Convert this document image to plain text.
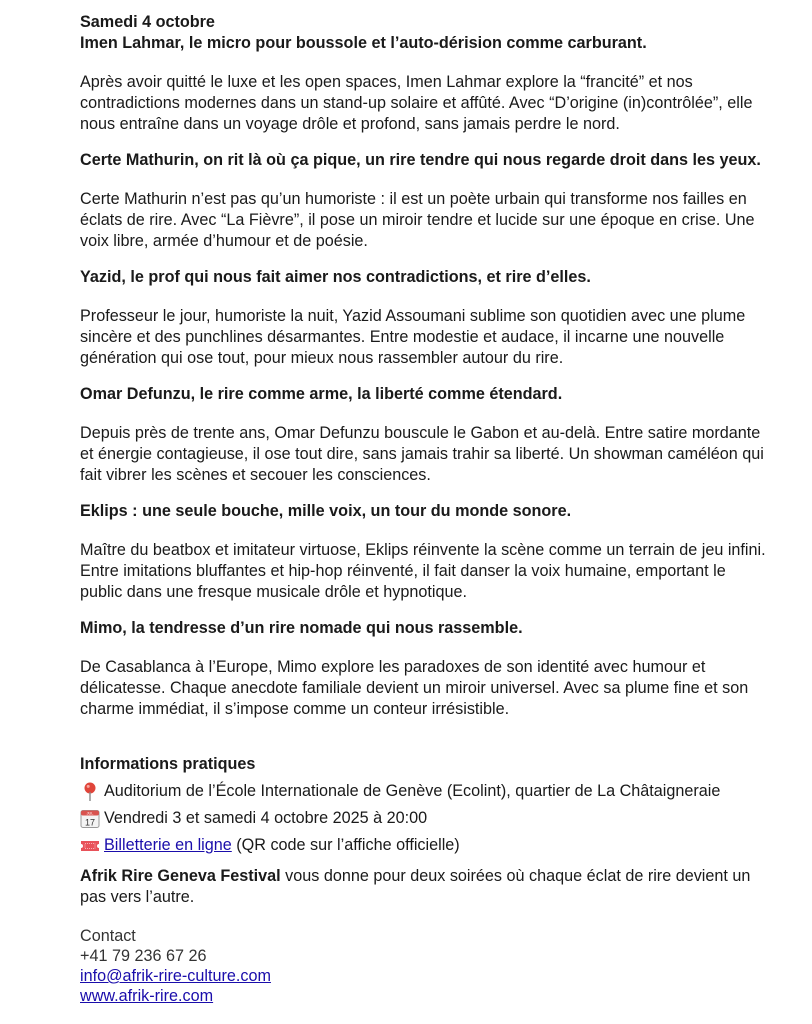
Samedi 4 octobre

Imen Lahmar, le micro pour boussole et l’auto-dérision comme carburant.

Après avoir quitté le luxe et les open spaces, Imen Lahmar explore la “francité” et nos contradictions modernes dans un stand-up solaire et affûté. Avec “D’origine (in)contrôlée”, elle nous entraîne dans un voyage drôle et profond, sans jamais perdre le nord.

Certe Mathurin, on rit là où ça pique, un rire tendre qui nous regarde droit dans les yeux.

Certe Mathurin n’est pas qu’un humoriste : il est un poète urbain qui transforme nos failles en éclats de rire. Avec “La Fièvre”, il pose un miroir tendre et lucide sur une époque en crise. Une voix libre, armée d’humour et de poésie.

Yazid, le prof qui nous fait aimer nos contradictions, et rire d’elles.

Professeur le jour, humoriste la nuit, Yazid Assoumani sublime son quotidien avec une plume sincère et des punchlines désarmantes. Entre modestie et audace, il incarne une nouvelle génération qui ose tout, pour mieux nous rassembler autour du rire.

Omar Defunzu, le rire comme arme, la liberté comme étendard.

Depuis près de trente ans, Omar Defunzu bouscule le Gabon et au-delà. Entre satire mordante et énergie contagieuse, il ose tout dire, sans jamais trahir sa liberté. Un showman caméléon qui fait vibrer les scènes et secouer les consciences.

Eklips : une seule bouche, mille voix, un tour du monde sonore.

Maître du beatbox et imitateur virtuose, Eklips réinvente la scène comme un terrain de jeu infini. Entre imitations bluffantes et hip-hop réinventé, il fait danser la voix humaine, emportant le public dans une fresque musicale drôle et hypnotique.

Mimo, la tendresse d’un rire nomade qui nous rassemble.

De Casablanca à l’Europe, Mimo explore les paradoxes de son identité avec humour et délicatesse. Chaque anecdote familiale devient un miroir universel. Avec sa plume fine et son charme immédiat, il s’impose comme un conteur irrésistible.

Informations pratiques
Auditorium de l’École Internationale de Genève (Ecolint), quartier de La Châtaigneraie
JUL
17 Vendredi 3 et samedi 4 octobre 2025 à 20:00
Billetterie en ligne (QR code sur l’affiche officielle)

Afrik Rire Geneva Festival vous donne pour deux soirées où chaque éclat de rire devient un pas vers l’autre.

Contact
+41 79 236 67 26
info@afrik-rire-culture.com
www.afrik-rire.com
